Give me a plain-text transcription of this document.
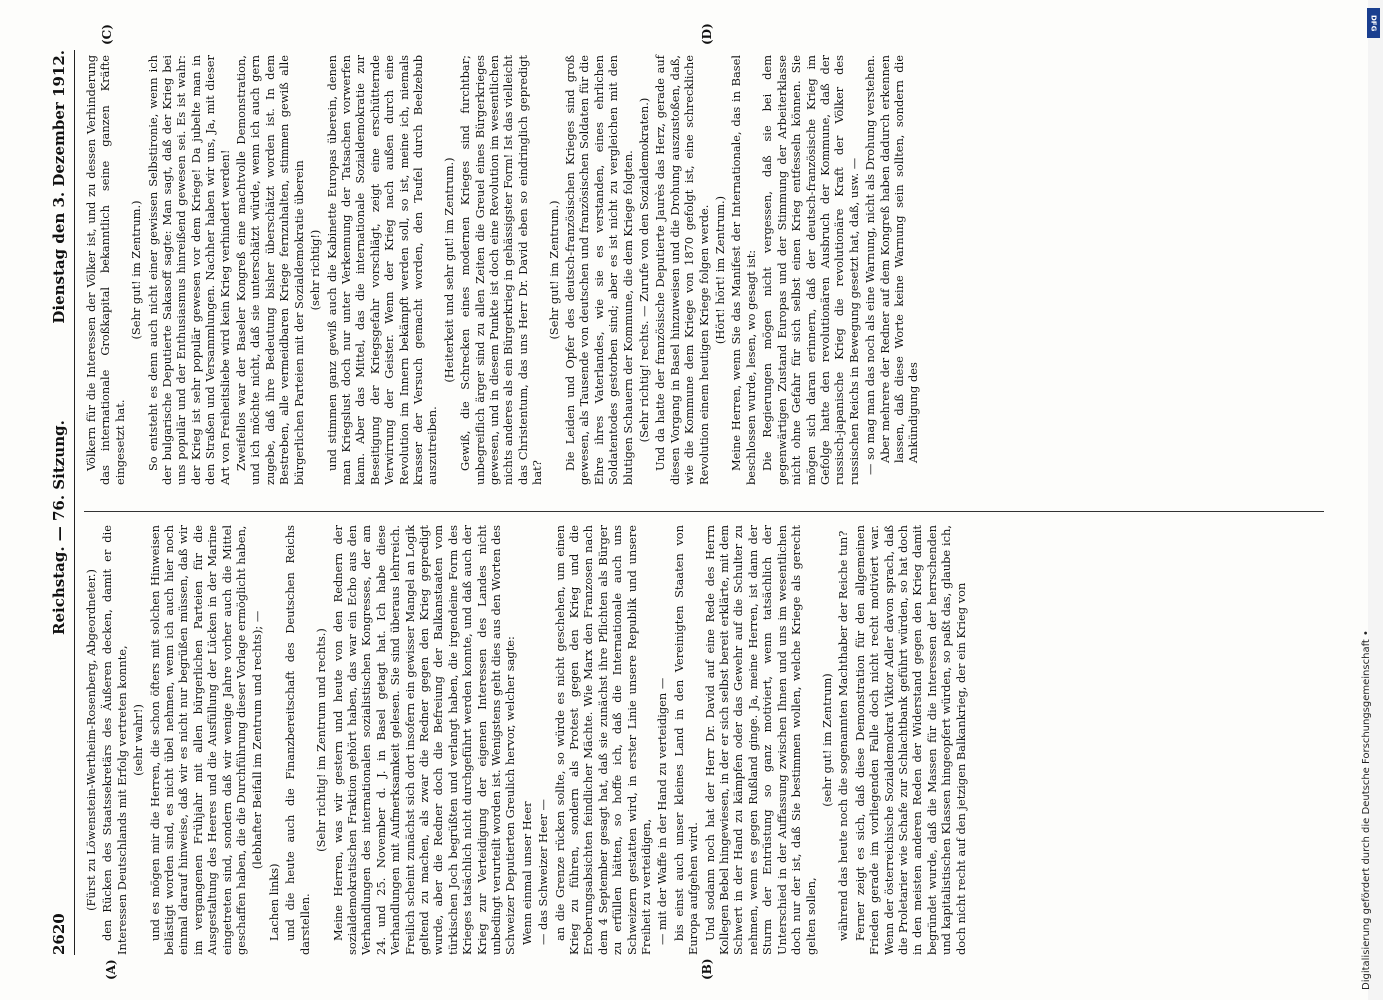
2620
Reichstag. — 76. Sitzung.
Dienstag den 3. Dezember 1912.
(A)	(B)
(C)	(D)

(Fürst zu Löwenstein-Wertheim-Rosenberg, Abgeordneter.) den Rücken des Staatssekretärs des Äußeren decken, damit er die Interessen Deutschlands mit Erfolg vertreten konnte, (sehr wahr!) und es mögen mir die Herren, die schon öfters mit solchen Hinweisen belästigt worden sind, es nicht übel nehmen, wenn ich auch hier noch einmal darauf hinweise, daß wir es nicht nur begrüßen müssen, daß wir im vergangenen Frühjahr mit allen bürgerlichen Parteien für die Ausgestaltung des Heeres und die Ausfüllung der Lücken in der Marine eingetreten sind, sondern daß wir wenige Jahre vorher auch die Mittel geschaffen haben, die die Durchführung dieser Vorlage ermöglicht haben, (lebhafter Beifall im Zentrum und rechts); —

Lachen links) und die heute auch die Finanzbereitschaft des Deutschen Reichs darstellen.

(Sehr richtig! im Zentrum und rechts.) Meine Herren, was wir gestern und heute von den Rednern der sozialdemokratischen Fraktion gehört haben, das war ein Echo aus den Verhandlungen des internationalen sozialistischen Kongresses, der am 24. und 25. November d. J. in Basel getagt hat. Ich habe diese Verhandlungen mit Aufmerksamkeit gelesen. Sie sind überaus lehrreich. Freilich scheint zunächst sich dort insofern ein gewisser Mangel an Logik geltend zu machen, als zwar die Redner gegen den Krieg gepredigt wurde, aber die Redner doch die Befreiung der Balkanstaaten vom türkischen Joch begrüßten und verlangt haben, die irgendeine Form des Krieges tatsächlich nicht durchgeführt werden konnte, und daß auch der Krieg zur Verteidigung der eigenen Interessen des Landes nicht unbedingt verurteilt worden ist. Wenigstens geht dies aus den Worten des Schweizer Deputierten Greulich hervor, welcher sagte: Wenn einmal unser Heer — das Schweizer Heer — an die Grenze rücken sollte, so würde es nicht geschehen, um einen Krieg zu führen, sondern als Protest gegen den Krieg und die Eroberungsabsichten feindlicher Mächte. Wie Marx den Franzosen nach dem 4 September gesagt hat, daß sie zunächst ihre Pflichten als Bürger zu erfüllen hätten, so hoffe ich, daß die Internationale auch uns Schweizern gestatten wird, in erster Linie unsere Republik und unsere Freiheit zu verteidigen, — mit der Waffe in der Hand zu verteidigen — bis einst auch unser kleines Land in den Vereinigten Staaten von Europa aufgehen wird. Und sodann noch hat der Herr Dr. David auf eine Rede des Herrn Kollegen Bebel hingewiesen, in der er sich selbst bereit erklärte, mit dem Schwert in der Hand zu kämpfen oder das Gewehr auf die Schulter zu nehmen, wenn es gegen Rußland ginge. Ja, meine Herren, ist dann der Sturm der Entrüstung so ganz motiviert, wenn tatsächlich der Unterschied in der Auffassung zwischen Ihnen und uns im wesentlichen doch nur der ist, daß Sie bestimmen wollen, welche Kriege als gerecht gelten sollen,

(sehr gut! im Zentrum) während das heute noch die sogenannten Machthaber der Reiche tun? Ferner zeigt es sich, daß diese Demonstration für den allgemeinen Frieden gerade im vorliegenden Falle doch nicht recht motiviert war. Wenn der österreichische Sozialdemokrat Viktor Adler davon sprach, daß die Proletarier wie Schafe zur Schlachtbank geführt würden, so hat doch in den meisten anderen Reden der Widerstand gegen den Krieg damit begründet wurde, daß die Massen für die Interessen der herrschenden und kapitalistischen Klassen hingeopfert würden, so paßt das, glaube ich, doch nicht recht auf den jetzigen Balkankrieg, der ein Krieg von

Völkern für die Interessen der Völker ist, und zu dessen Verhinderung das internationale Großkapital bekanntlich seine ganzen Kräfte eingesetzt hat.

(Sehr gut! im Zentrum.) So entsteht es denn auch nicht einer gewissen Selbstironie, wenn ich der bulgarische Deputierte Sakasoff sagte: Man sagt, daß der Krieg bei uns populär und der Enthusiasmus hinreißend gewesen sei. Es ist wahr: der Krieg ist sehr populär gewesen vor dem Kriege! Da jubelte man in den Straßen und Versammlungen. Nachher haben wir uns, Ja, mit dieser Art von Freiheitsliebe wird kein Krieg verhindert werden! Zweifellos war der Baseler Kongreß eine machtvolle Demonstration, und ich möchte nicht, daß sie unterschätzt würde, wenn ich auch gern zugebe, daß ihre Bedeutung bisher überschätzt worden ist. In dem Bestreben, alle vermeidbaren Kriege fernzuhalten, stimmen gewiß alle bürgerlichen Parteien mit der Sozialdemokratie überein (sehr richtig!) und stimmen ganz gewiß auch die Kabinette Europas überein, denen man Kriegslust doch nur unter Verkennung der Tatsachen vorwerfen kann. Aber das Mittel, das die internationale Sozialdemokratie zur Beseitigung der Kriegsgefahr vorschlägt, zeigt eine erschütternde Verwirrung der Geister. Wenn der Krieg nach außen durch eine Revolution im Innern bekämpft werden soll, so ist, meine ich, niemals krasser der Versuch gemacht worden, den Teufel durch Beelzebub auszutreiben.

(Heiterkeit und sehr gut! im Zentrum.) Gewiß, die Schrecken eines modernen Krieges sind furchtbar; unbegreiflich ärger sind zu allen Zeiten die Greuel eines Bürgerkrieges gewesen, und in diesem Punkte ist doch eine Revolution im wesentlichen nichts anderes als ein Bürgerkrieg in gehässigster Form! Ist das vielleicht das Christentum, das uns Herr Dr. David eben so eindringlich gepredigt hat?

(Sehr gut! im Zentrum.) Die Leiden und Opfer des deutsch-französischen Krieges sind groß gewesen, als Tausende von deutschen und französischen Soldaten für die Ehre ihres Vaterlandes, wie sie es verstanden, eines ehrlichen Soldatentodes gestorben sind; aber es ist nicht zu vergleichen mit den blutigen Schauern der Kommune, die dem Kriege folgten. (Sehr richtig! rechts. — Zurufe von den Sozialdemokraten.) Und da hatte der französische Deputierte Jaurès das Herz, gerade auf diesen Vorgang in Basel hinzuweisen und die Drohung auszustoßen, daß, wie die Kommune dem Kriege von 1870 gefolgt ist, eine schreckliche Revolution einem heutigen Kriege folgen werde. (Hört! hört! im Zentrum.) Meine Herren, wenn Sie das Manifest der Internationale, das in Basel beschlossen wurde, lesen, wo gesagt ist: Die Regierungen mögen nicht vergessen, daß sie bei dem gegenwärtigen Zustand Europas und der Stimmung der Arbeiterklasse nicht ohne Gefahr für sich selbst einen Krieg entfesseln können. Sie mögen sich daran erinnern, daß der deutsch-französische Krieg im Gefolge hatte den revolutionären Ausbruch der Kommune, daß der russisch-japanische Krieg die revolutionäre Kraft der Völker des russischen Reichs in Bewegung gesetzt hat, daß, usw. — — so mag man das noch als eine Warnung, nicht als Drohung verstehen. Aber mehrere der Redner auf dem Kongreß haben dadurch erkennen lassen, daß diese Worte keine Warnung sein sollten, sondern die Ankündigung des

DFG
Digitalisierung gefördert durch die Deutsche Forschungsgemeinschaft •
